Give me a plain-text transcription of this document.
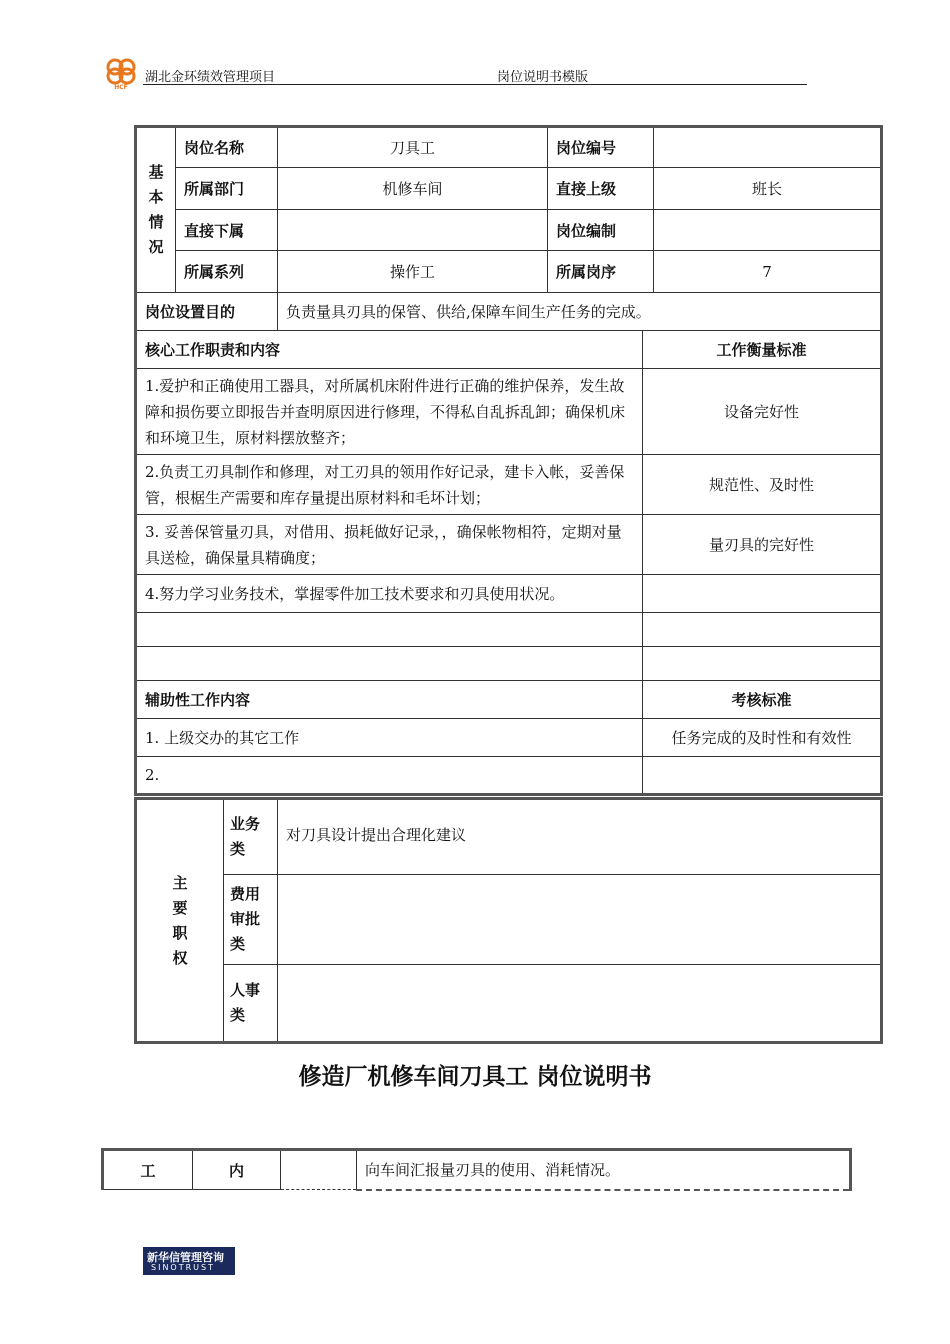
HCF
湖北金环绩效管理项目	岗位说明书模版
基本情况	岗位名称	刀具工	岗位编号		
	所属部门	机修车间	直接上级		班长
	直接下属		岗位编制		
	所属系列	操作工	所属岗序		7
岗位设置目的		负责量具刃具的保管、供给,保障车间生产任务的完成。			
核心工作职责和内容				工作衡量标准	
1.爱护和正确使用工器具，对所属机床附件进行正确的维护保养，发生故障和损伤要立即报告并查明原因进行修理，不得私自乱拆乱卸；确保机床和环境卫生，原材料摆放整齐；				设备完好性	
2.负责工刃具制作和修理，对工刃具的领用作好记录，建卡入帐，妥善保管，根椐生产需要和库存量提出原材料和毛坏计划；				规范性、及时性	
3. 妥善保管量刃具，对借用、损耗做好记录，，确保帐物相符，定期对量具送检，确保量具精确度；				量刃具的完好性	
4.努力学习业务技术，掌握零件加工技术要求和刃具使用状况。					

辅助性工作内容				考核标准	
1. 上级交办的其它工作				任务完成的及时性和有效性	
2.					
主要职权	业务类	对刀具设计提出合理化建议
	费用审批类	
	人事类	
修造厂机修车间刀具工 岗位说明书
工	内		向车间汇报量刃具的使用、消耗情况。
新华信管理咨询
SINOTRUST
